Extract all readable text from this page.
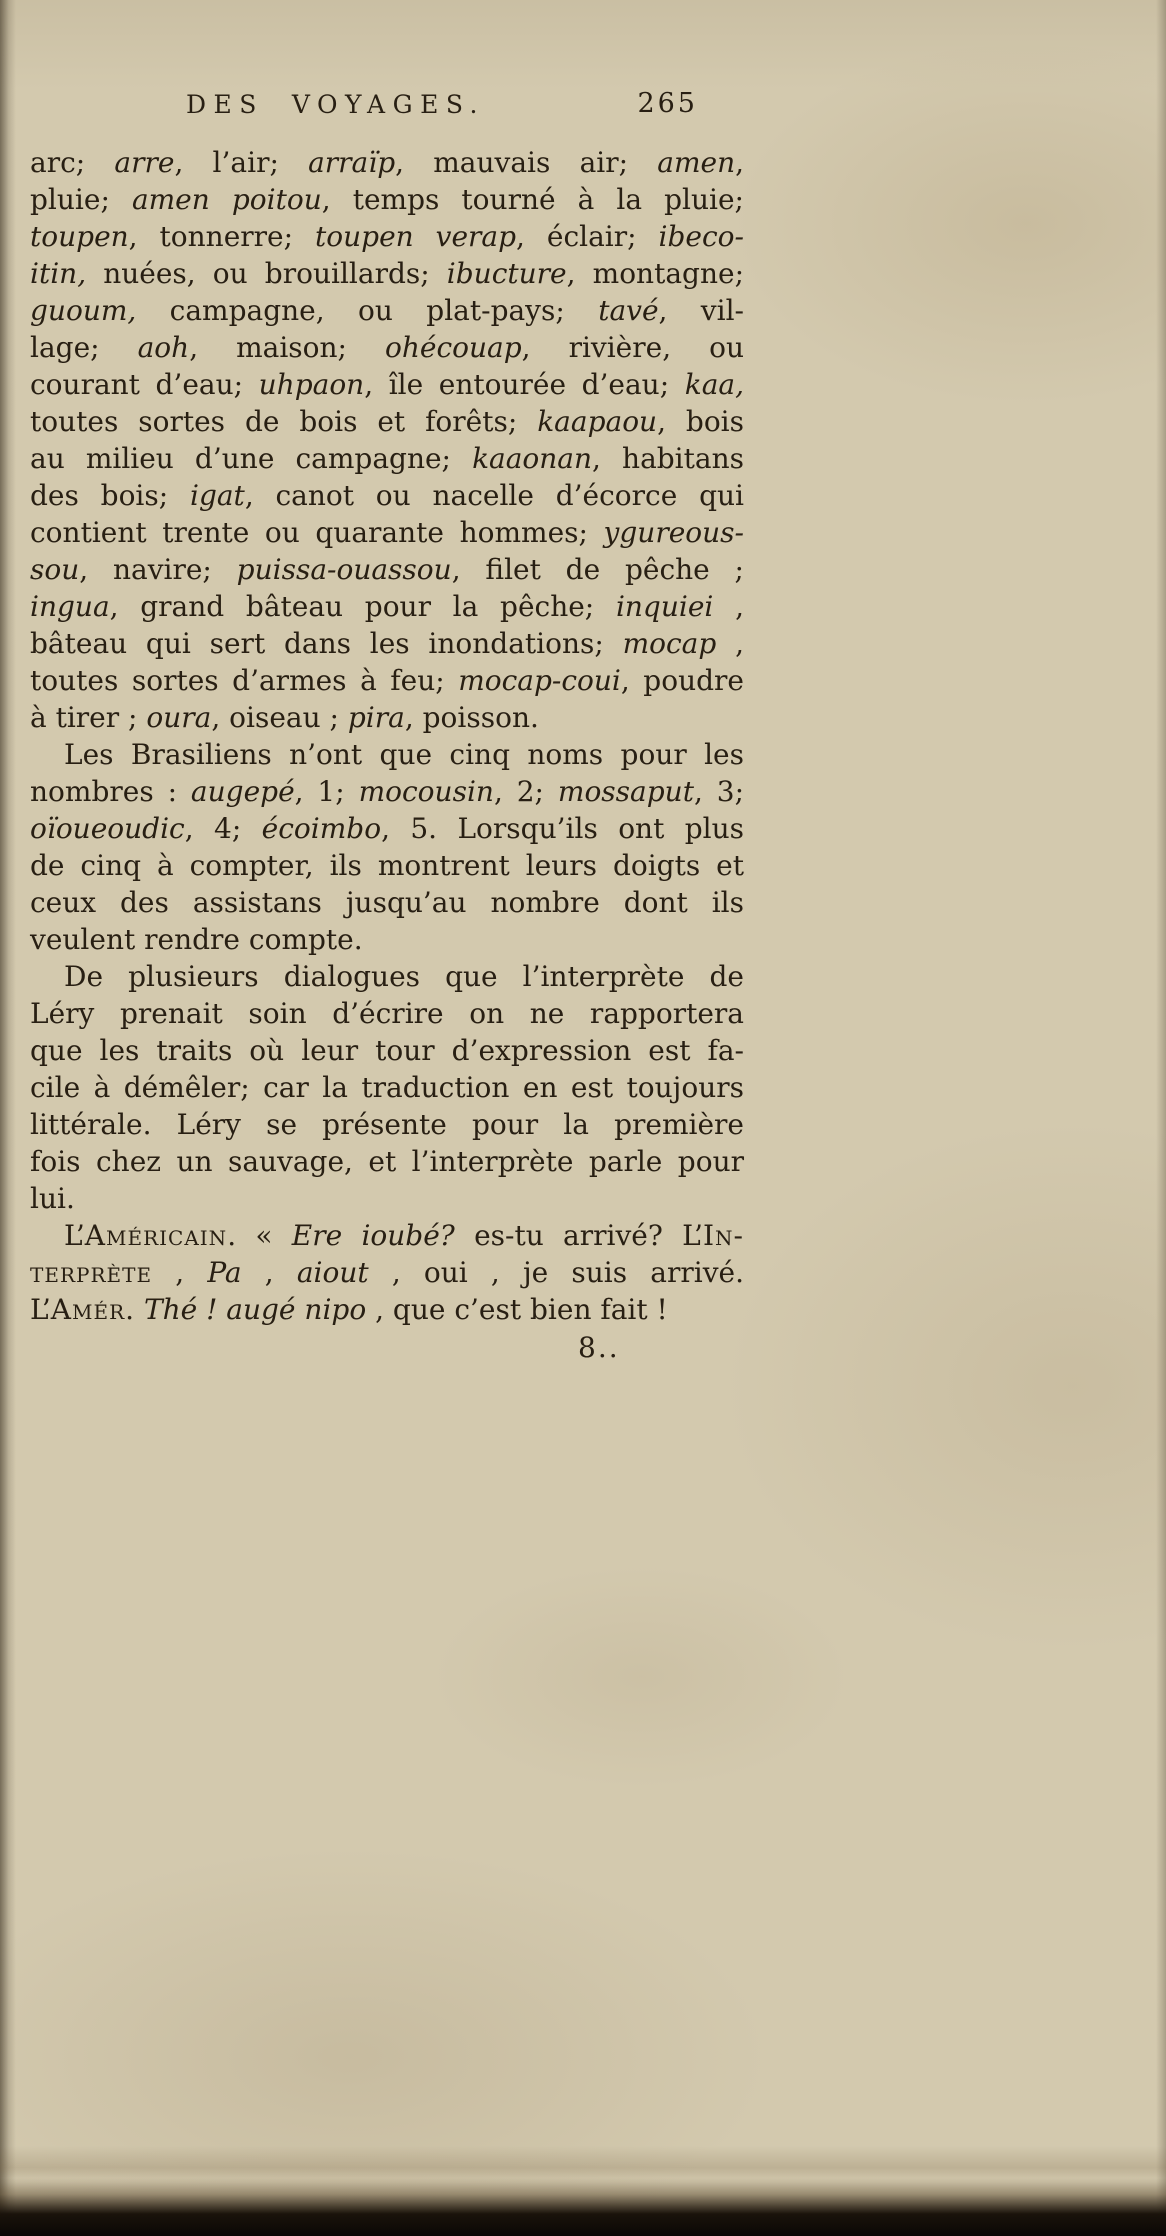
DES VOYAGES.	265
arc; arre, l’air; arraïp, mauvais air; amen,
pluie; amen poitou, temps tourné à la pluie;
toupen, tonnerre; toupen verap, éclair; ibeco-
itin, nuées, ou brouillards; ibucture, montagne;
guoum, campagne, ou plat-pays; tavé, vil-
lage; aoh, maison; ohécouap, rivière, ou
courant d’eau; uhpaon, île entourée d’eau; kaa,
toutes sortes de bois et forêts; kaapaou, bois
au milieu d’une campagne; kaaonan, habitans
des bois; igat, canot ou nacelle d’écorce qui
contient trente ou quarante hommes; ygureous-
sou, navire; puissa-ouassou, filet de pêche ;
ingua, grand bâteau pour la pêche; inquiei ,
bâteau qui sert dans les inondations; mocap ,
toutes sortes d’armes à feu; mocap-coui, poudre
à tirer ; oura, oiseau ; pira, poisson.
Les Brasiliens n’ont que cinq noms pour les
nombres : augepé, 1; mocousin, 2; mossaput, 3;
oïoueoudic, 4; écoimbo, 5. Lorsqu’ils ont plus
de cinq à compter, ils montrent leurs doigts et
ceux des assistans jusqu’au nombre dont ils
veulent rendre compte.
De plusieurs dialogues que l’interprète de
Léry prenait soin d’écrire on ne rapportera
que les traits où leur tour d’expression est fa-
cile à démêler; car la traduction en est toujours
littérale. Léry se présente pour la première
fois chez un sauvage, et l’interprète parle pour
lui.
L’Américain. « Ere ioubé? es-tu arrivé? L’In-
terprète , Pa , aiout , oui , je suis arrivé.
L’Amér. Thé ! augé nipo , que c’est bien fait !
8..
